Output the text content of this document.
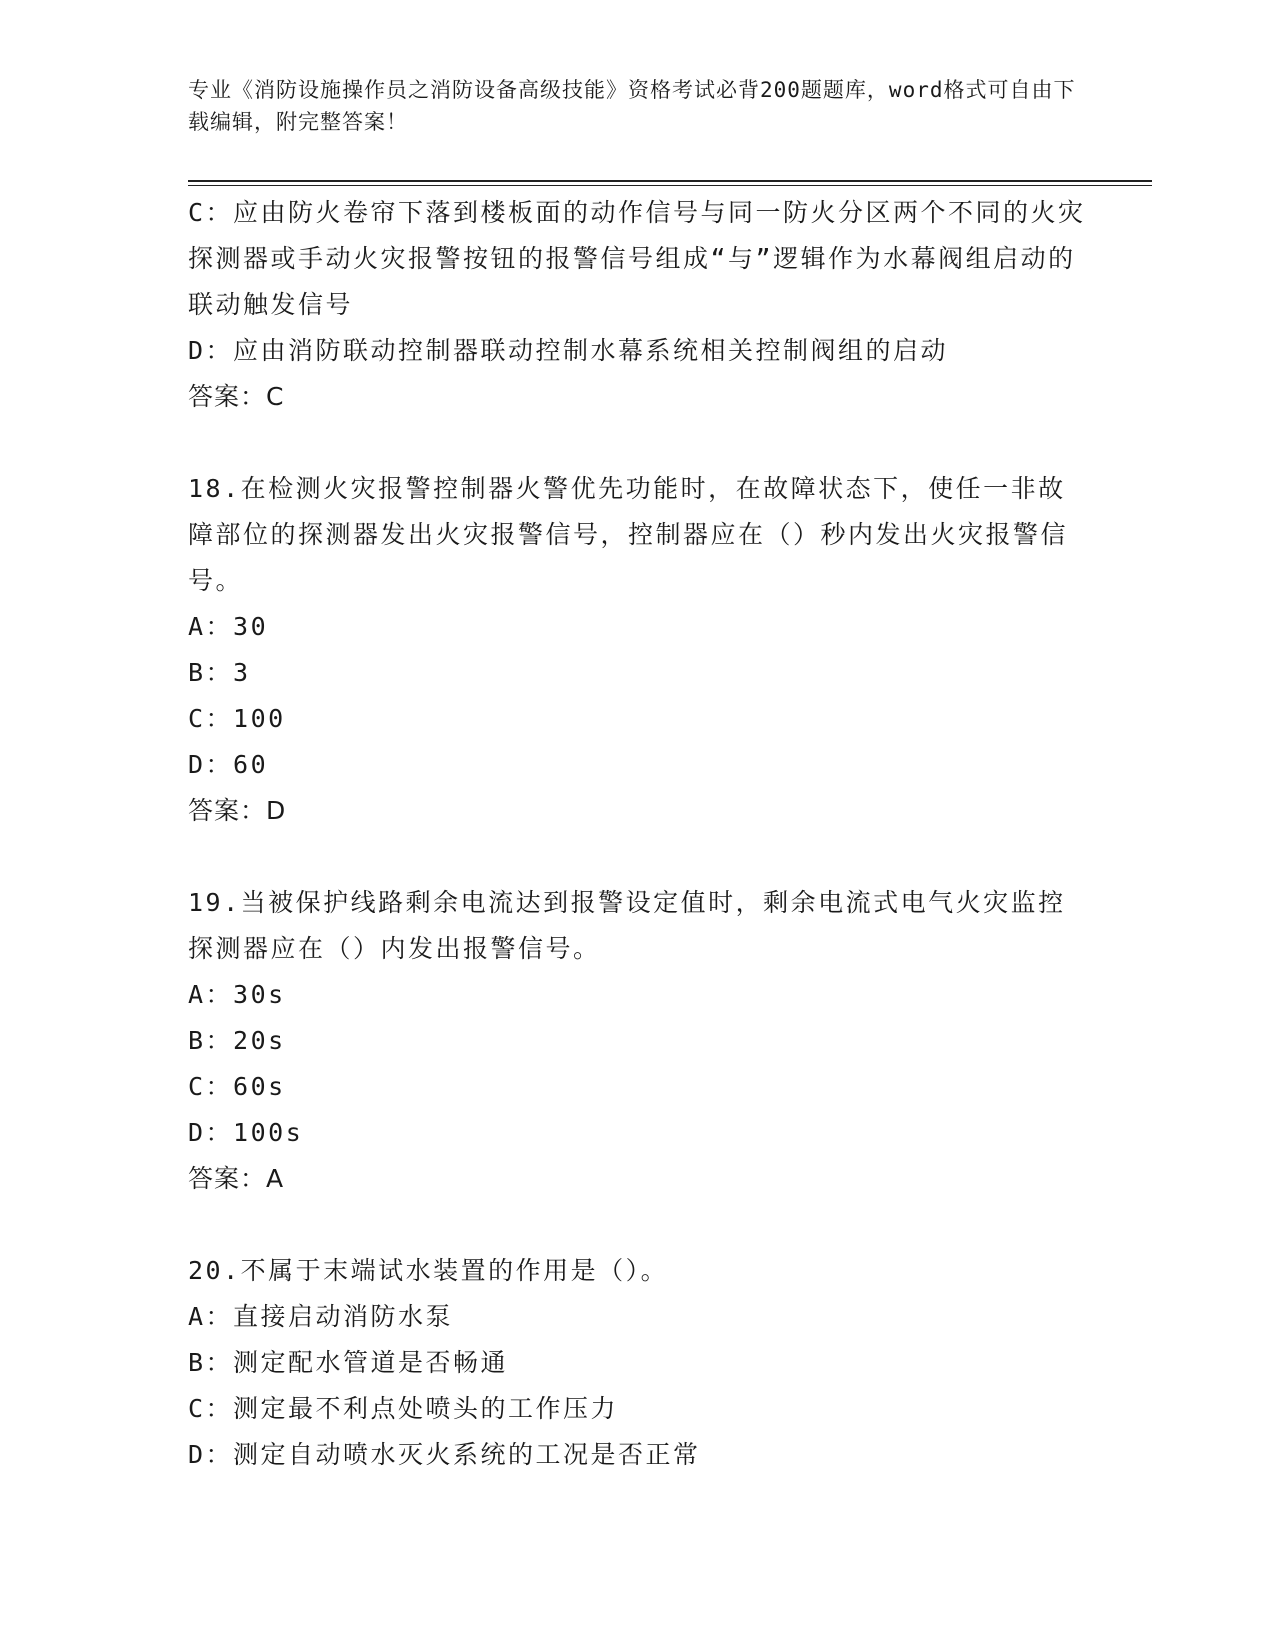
专业《消防设施操作员之消防设备高级技能》资格考试必背200题题库，word格式可自由下载编辑，附完整答案！
C：应由防火卷帘下落到楼板面的动作信号与同一防火分区两个不同的火灾探测器或手动火灾报警按钮的报警信号组成“与”逻辑作为水幕阀组启动的联动触发信号
D：应由消防联动控制器联动控制水幕系统相关控制阀组的启动
答案：C
18.在检测火灾报警控制器火警优先功能时，在故障状态下，使任一非故障部位的探测器发出火灾报警信号，控制器应在（）秒内发出火灾报警信号。
A：30
B：3
C：100
D：60
答案：D
19.当被保护线路剩余电流达到报警设定值时，剩余电流式电气火灾监控探测器应在（）内发出报警信号。
A：30s
B：20s
C：60s
D：100s
答案：A
20.不属于末端试水装置的作用是（）。
A：直接启动消防水泵
B：测定配水管道是否畅通
C：测定最不利点处喷头的工作压力
D：测定自动喷水灭火系统的工况是否正常
